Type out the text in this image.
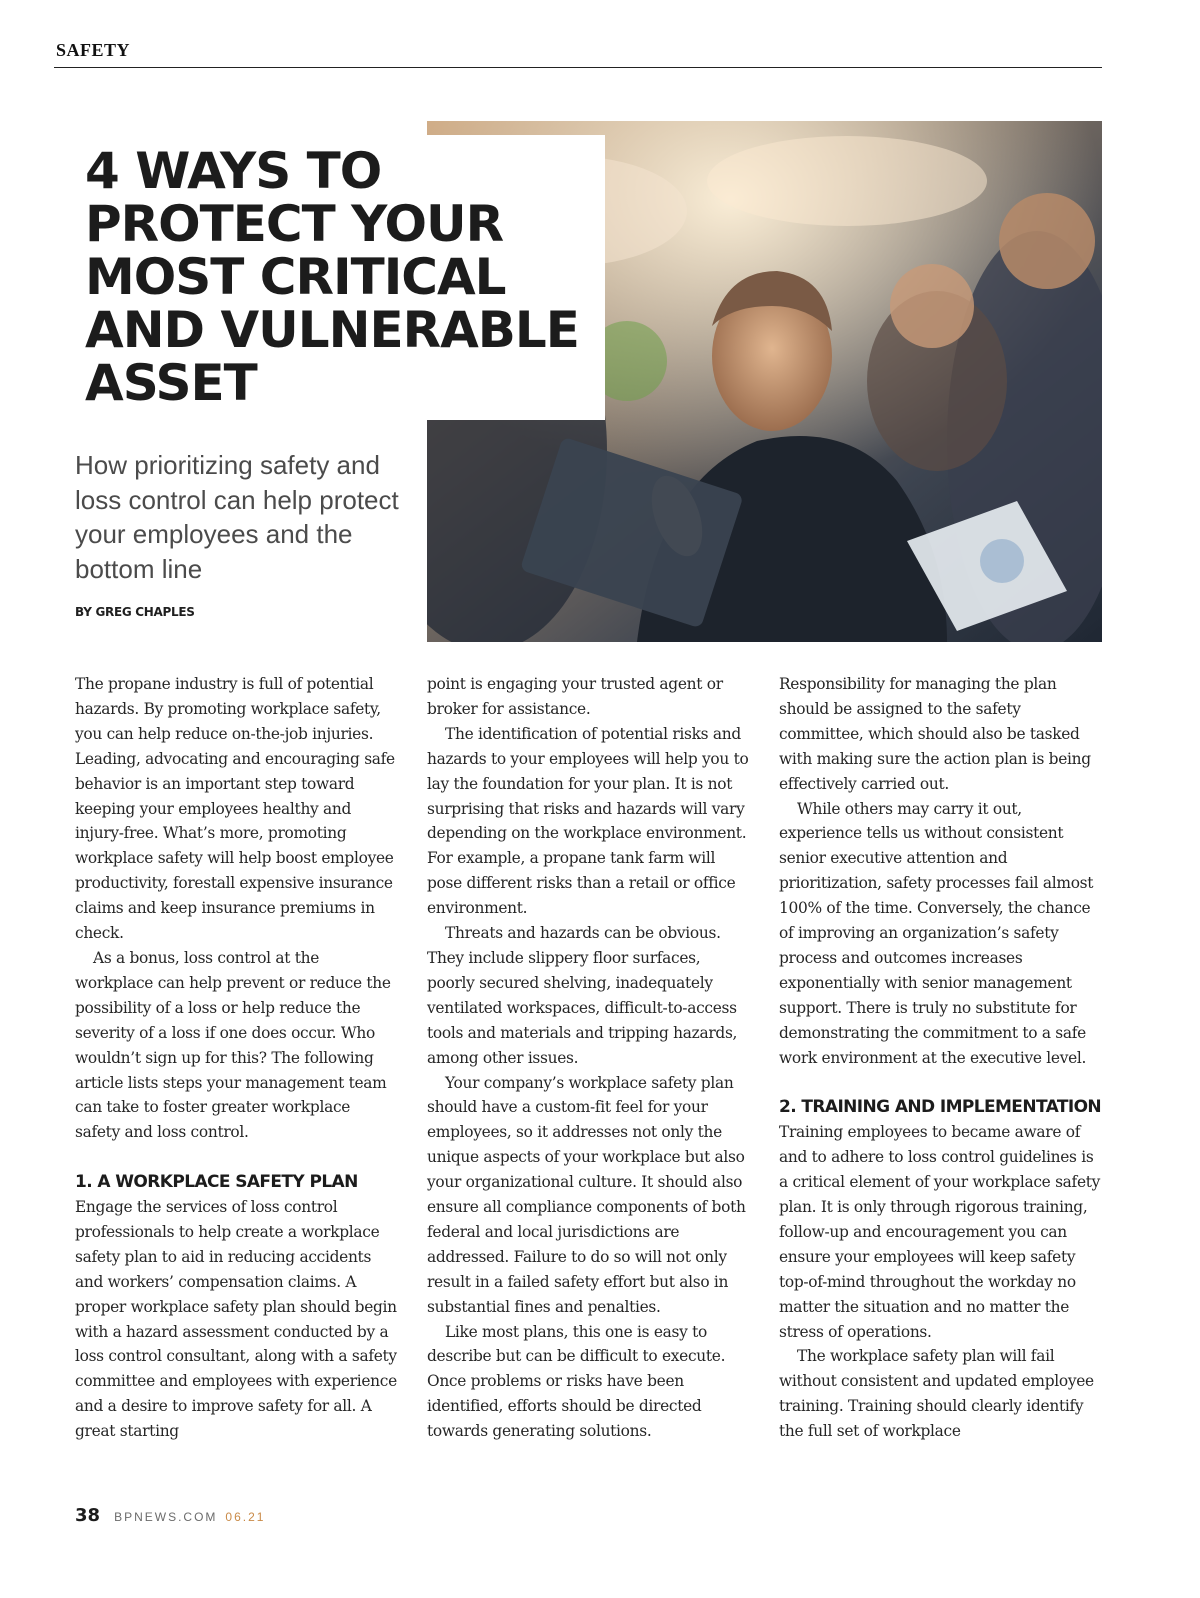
SAFETY
4 WAYS TO
PROTECT YOUR
MOST CRITICAL
AND VULNERABLE
ASSET
How prioritizing safety and loss control can help protect your employees and the bottom line
BY GREG CHAPLES

The propane industry is full of potential hazards. By promoting workplace safety, you can help reduce on-the-job injuries. Leading, advocating and encouraging safe behavior is an important step toward keeping your employees healthy and injury-free. What’s more, promoting workplace safety will help boost employee productivity, forestall expensive insurance claims and keep insurance premiums in check.

As a bonus, loss control at the workplace can help prevent or reduce the possibility of a loss or help reduce the severity of a loss if one does occur. Who wouldn’t sign up for this? The following article lists steps your management team can take to foster greater workplace safety and loss control.

1. A WORKPLACE SAFETY PLAN

Engage the services of loss control professionals to help create a workplace safety plan to aid in reducing accidents and workers’ compensation claims. A proper workplace safety plan should begin with a hazard assessment conducted by a loss control consultant, along with a safety committee and employees with experience and a desire to improve safety for all. A great starting

point is engaging your trusted agent or broker for assistance.

The identification of potential risks and hazards to your employees will help you to lay the foundation for your plan. It is not surprising that risks and hazards will vary depending on the workplace environment. For example, a propane tank farm will pose different risks than a retail or office environment.

Threats and hazards can be obvious. They include slippery floor surfaces, poorly secured shelving, inadequately ventilated workspaces, difficult-to-access tools and materials and tripping hazards, among other issues.

Your company’s workplace safety plan should have a custom-fit feel for your employees, so it addresses not only the unique aspects of your workplace but also your organizational culture. It should also ensure all compliance components of both federal and local jurisdictions are addressed. Failure to do so will not only result in a failed safety effort but also in substantial fines and penalties.

Like most plans, this one is easy to describe but can be difficult to execute. Once problems or risks have been identified, efforts should be directed towards generating solutions.

Responsibility for managing the plan should be assigned to the safety committee, which should also be tasked with making sure the action plan is being effectively carried out.

While others may carry it out, experience tells us without consistent senior executive attention and prioritization, safety processes fail almost 100% of the time. Conversely, the chance of improving an organization’s safety process and outcomes increases exponentially with senior management support. There is truly no substitute for demonstrating the commitment to a safe work environment at the executive level.

2. TRAINING AND IMPLEMENTATION

Training employees to became aware of and to adhere to loss control guidelines is a critical element of your workplace safety plan. It is only through rigorous training, follow-up and encouragement you can ensure your employees will keep safety top-of-mind throughout the workday no matter the situation and no matter the stress of operations.

The workplace safety plan will fail without consistent and updated employee training. Training should clearly identify the full set of workplace

38 BPNEWS.COM 06.21
